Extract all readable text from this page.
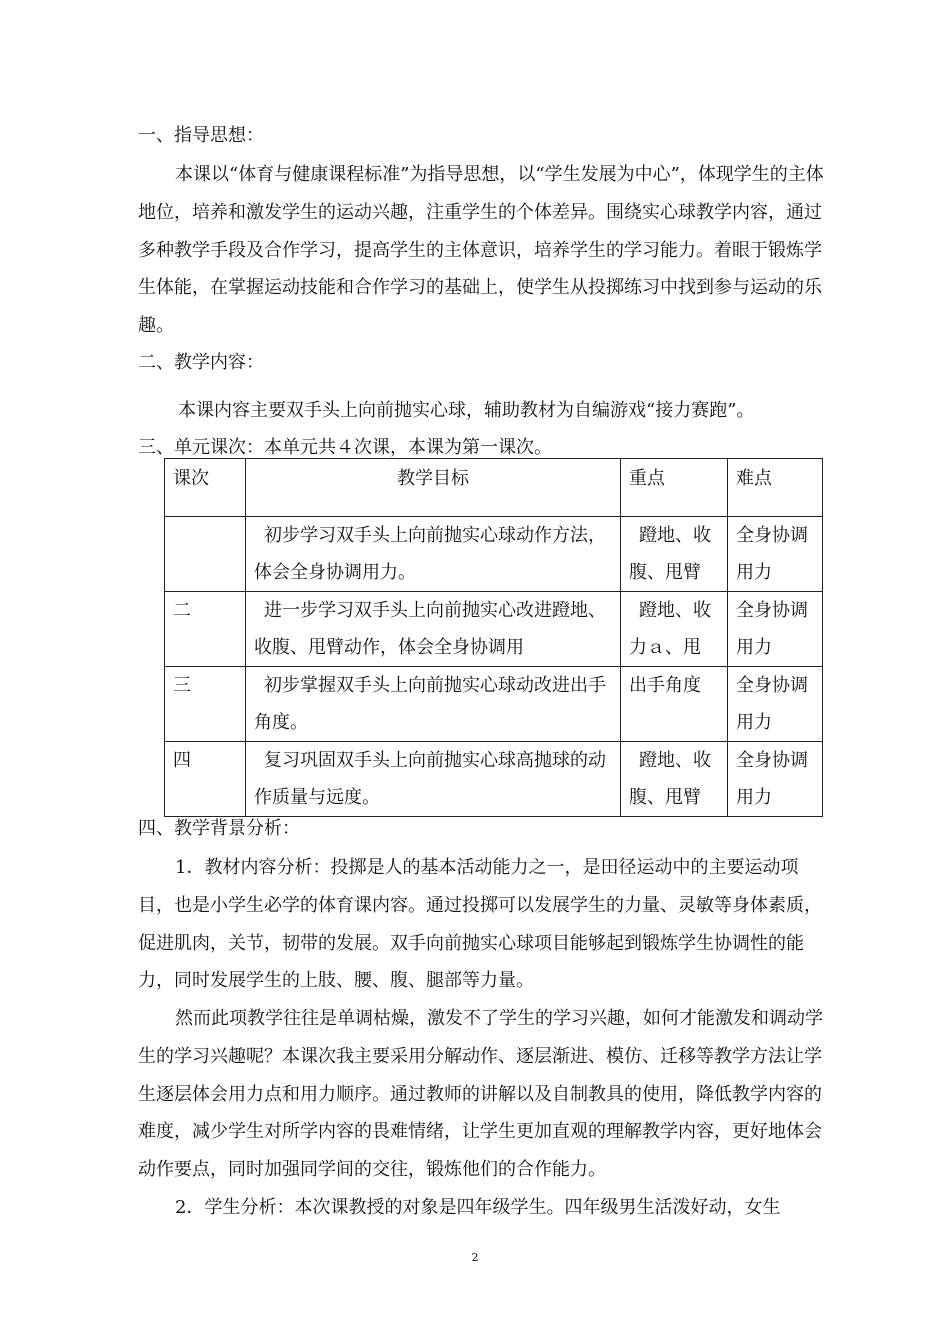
一、指导思想：
本课以“体育与健康课程标准”为指导思想，以“学生发展为中心”，体现学生的主体地位，培养和激发学生的运动兴趣，注重学生的个体差异。围绕实心球教学内容，通过多种教学手段及合作学习，提高学生的主体意识，培养学生的学习能力。着眼于锻炼学生体能，在掌握运动技能和合作学习的基础上，使学生从投掷练习中找到参与运动的乐趣。
二、教学内容：
本课内容主要双手头上向前抛实心球，辅助教材为自编游戏“接力赛跑”。
三、单元课次：本单元共４次课，本课为第一课次。
课次	教学目标	重点	难点

	初步学习双手头上向前抛实心球动作方法，体会全身协调用力。	蹬地、收腹、甩臂	全身协调用力

二	进一步学习双手头上向前抛实心改进蹬地、收腹、甩臂动作，体会全身协调用	蹬地、收力ａ、甩	全身协调用力

三	初步掌握双手头上向前抛实心球动改进出手角度。	出手角度	全身协调用力

四	复习巩固双手头上向前抛实心球高抛球的动作质量与远度。	蹬地、收腹、甩臂	全身协调用力
四、教学背景分析：
1．教材内容分析：投掷是人的基本活动能力之一，是田径运动中的主要运动项目，也是小学生必学的体育课内容。通过投掷可以发展学生的力量、灵敏等身体素质，促进肌肉，关节，韧带的发展。双手向前抛实心球项目能够起到锻炼学生协调性的能力，同时发展学生的上肢、腰、腹、腿部等力量。
然而此项教学往往是单调枯燥，激发不了学生的学习兴趣，如何才能激发和调动学生的学习兴趣呢？本课次我主要采用分解动作、逐层渐进、模仿、迁移等教学方法让学生逐层体会用力点和用力顺序。通过教师的讲解以及自制教具的使用，降低教学内容的难度，减少学生对所学内容的畏难情绪，让学生更加直观的理解教学内容，更好地体会动作要点，同时加强同学间的交往，锻炼他们的合作能力。
2．学生分析：本次课教授的对象是四年级学生。四年级男生活泼好动，女生
2
